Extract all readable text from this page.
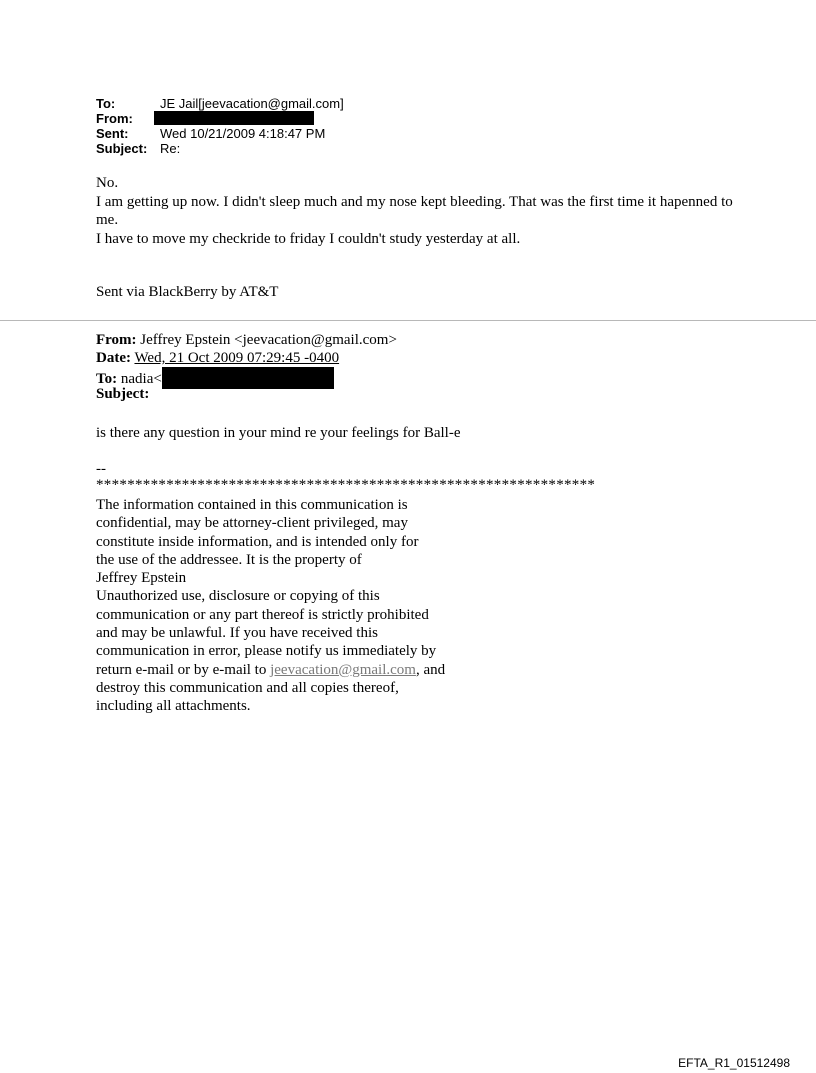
To:	JE Jail[jeevacation@gmail.com]
From:
Sent:	Wed 10/21/2009 4:18:47 PM
Subject: Re:

No.

I am getting up now. I didn't sleep much and my nose kept bleeding. That was the first time it hapenned to me.

I have to move my checkride to friday I couldn't study yesterday at all.

Sent via BlackBerry by AT&T
From: Jeffrey Epstein <jeevacation@gmail.com>
Date: Wed, 21 Oct 2009 07:29:45 -0400
To: nadia<
Subject:
is there any question in your mind re your feelings for Ball-e
--
****************************************************************
The information contained in this communication is
confidential, may be attorney-client privileged, may
constitute inside information, and is intended only for
the use of the addressee. It is the property of
Jeffrey Epstein
Unauthorized use, disclosure or copying of this
communication or any part thereof is strictly prohibited
and may be unlawful. If you have received this
communication in error, please notify us immediately by
return e-mail or by e-mail to jeevacation@gmail.com, and
destroy this communication and all copies thereof,
including all attachments.
EFTA_R1_01512498
